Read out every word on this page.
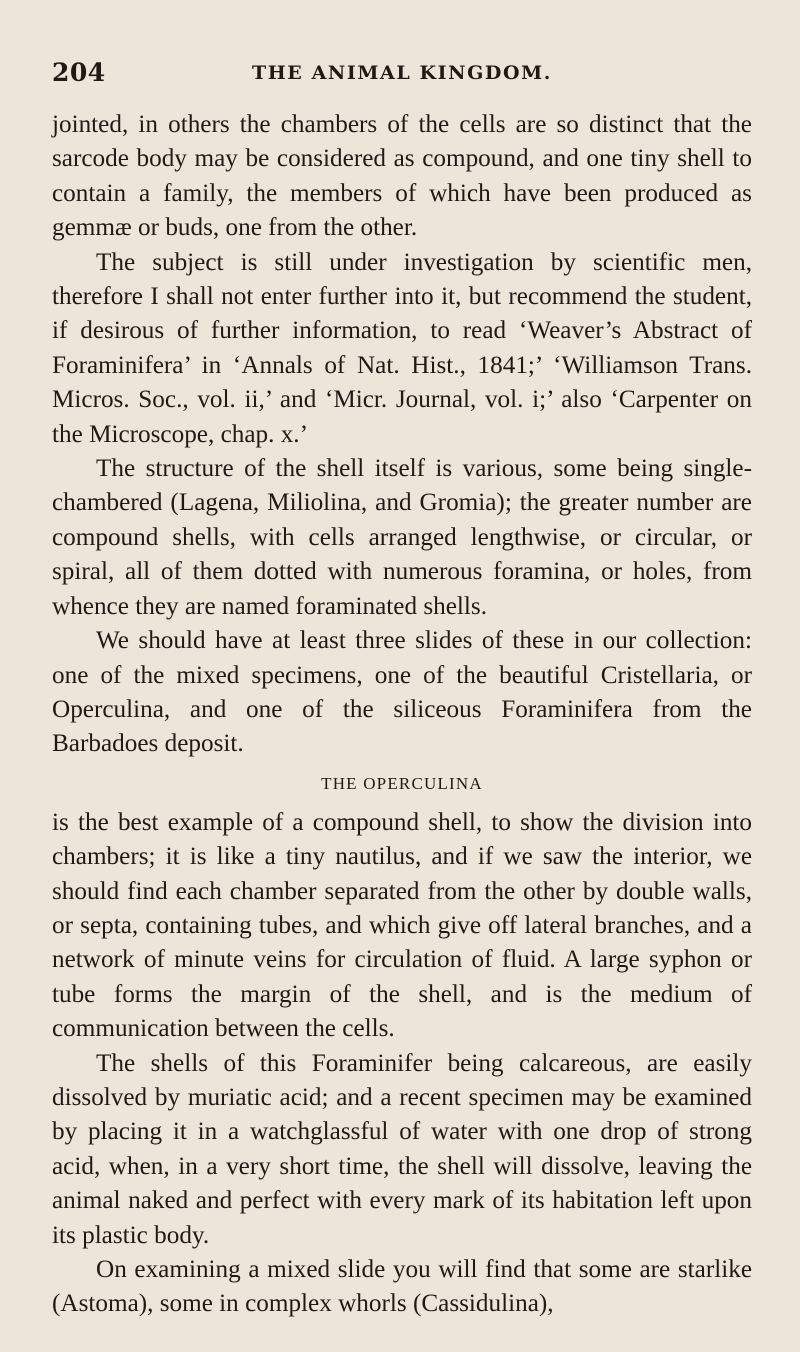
204	THE ANIMAL KINGDOM.

jointed, in others the chambers of the cells are so distinct that the sarcode body may be considered as compound, and one tiny shell to contain a family, the members of which have been produced as gemmæ or buds, one from the other.

The subject is still under investigation by scientific men, therefore I shall not enter further into it, but recommend the student, if desirous of further information, to read ‘Weaver’s Abstract of Foraminifera’ in ‘Annals of Nat. Hist., 1841;’ ‘Williamson Trans. Micros. Soc., vol. ii,’ and ‘Micr. Journal, vol. i;’ also ‘Carpenter on the Microscope, chap. x.’

The structure of the shell itself is various, some being single-chambered (Lagena, Miliolina, and Gromia); the greater number are compound shells, with cells arranged lengthwise, or circular, or spiral, all of them dotted with numerous foramina, or holes, from whence they are named foraminated shells.

We should have at least three slides of these in our collection: one of the mixed specimens, one of the beautiful Cristellaria, or Operculina, and one of the siliceous Foraminifera from the Barbadoes deposit.

THE OPERCULINA

is the best example of a compound shell, to show the division into chambers; it is like a tiny nautilus, and if we saw the interior, we should find each chamber separated from the other by double walls, or septa, containing tubes, and which give off lateral branches, and a network of minute veins for circulation of fluid. A large syphon or tube forms the margin of the shell, and is the medium of communication between the cells.

The shells of this Foraminifer being calcareous, are easily dissolved by muriatic acid; and a recent specimen may be examined by placing it in a watchglassful of water with one drop of strong acid, when, in a very short time, the shell will dissolve, leaving the animal naked and perfect with every mark of its habitation left upon its plastic body.

On examining a mixed slide you will find that some are starlike (Astoma), some in complex whorls (Cassidulina),
